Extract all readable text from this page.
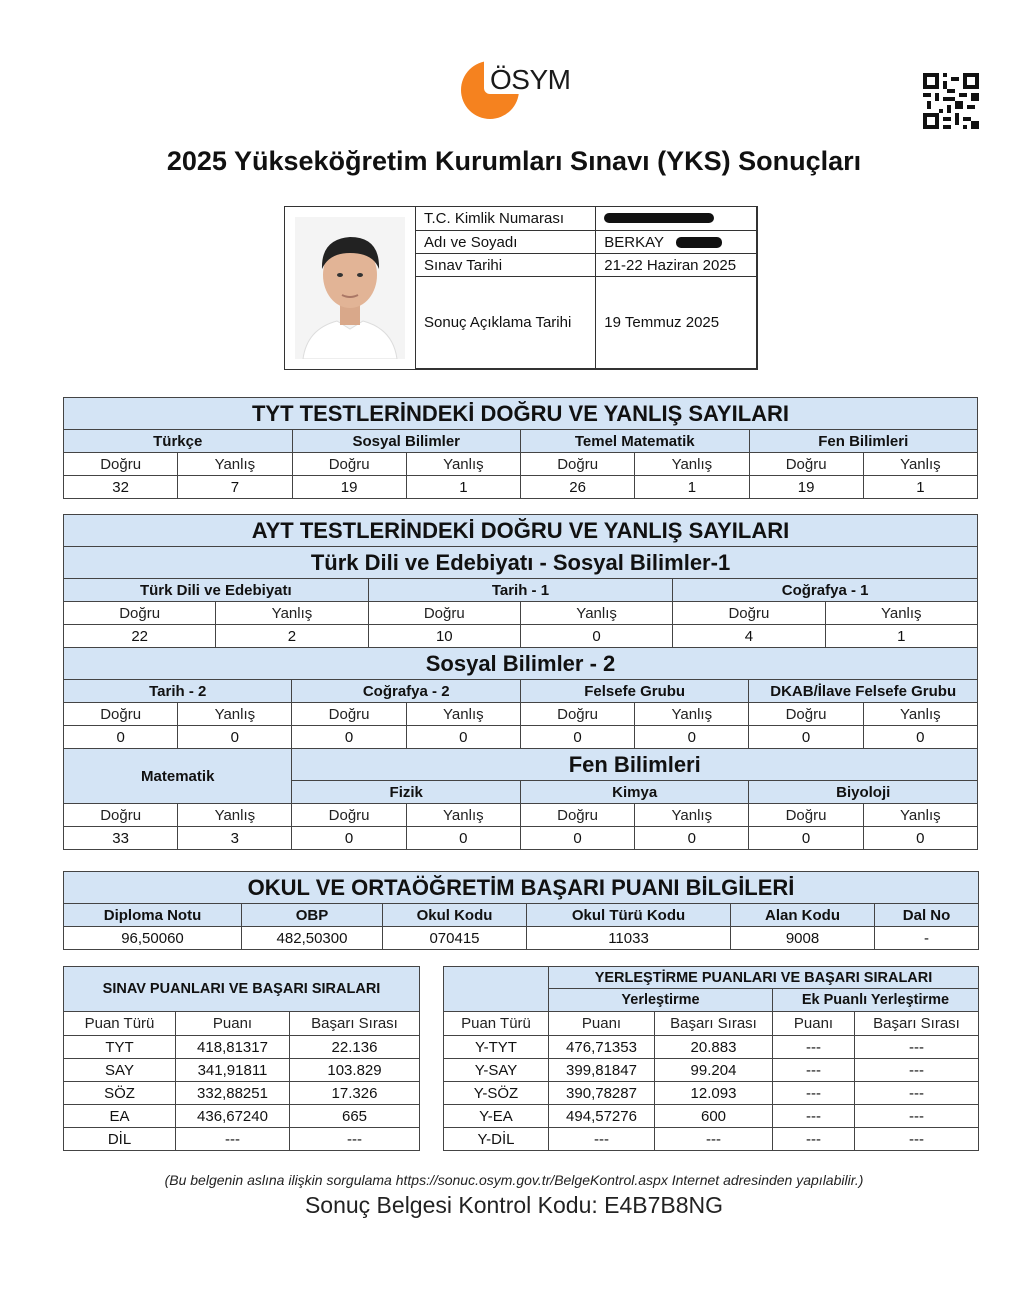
ÖSYM
2025 Yükseköğretim Kurumları Sınavı (YKS) Sonuçları
T.C. Kimlik Numarası	

Adı ve Soyadı	BERKAY

Sınav Tarihi	21-22 Haziran 2025
Sonuç Açıklama Tarihi	19 Temmuz 2025
TYT TESTLERİNDEKİ DOĞRU VE YANLIŞ SAYILARI							
Türkçe		Sosyal Bilimler		Temel Matematik		Fen Bilimleri	
Doğru	Yanlış	Doğru	Yanlış	Doğru	Yanlış	Doğru	Yanlış
32	7	19	1	26	1	19	1
AYT TESTLERİNDEKİ DOĞRU VE YANLIŞ SAYILARI											
Türk Dili ve Edebiyatı - Sosyal Bilimler-1											
Türk Dili ve Edebiyatı				Tarih - 1				Coğrafya - 1			
Doğru		Yanlış		Doğru		Yanlış		Doğru		Yanlış	
22		2		10		0		4		1	
Sosyal Bilimler - 2											
Tarih - 2			Coğrafya - 2			Felsefe Grubu			DKAB/İlave Felsefe Grubu		
Doğru	Yanlış		Doğru		Yanlış	Doğru	Yanlış		Doğru		Yanlış
0	0		0		0	0	0		0		0
Matematik			Fen Bilimleri								
			Fizik			Kimya			Biyoloji		
Doğru	Yanlış		Doğru		Yanlış	Doğru	Yanlış		Doğru		Yanlış
33	3		0		0	0	0		0		0
OKUL VE ORTAÖĞRETİM BAŞARI PUANI BİLGİLERİ					
Diploma Notu	OBP	Okul Kodu	Okul Türü Kodu	Alan Kodu	Dal No
96,50060	482,50300	070415	11033	9008	-
SINAV PUANLARI VE BAŞARI SIRALARI		
Puan Türü	Puanı	Başarı Sırası
TYT	418,81317	22.136
SAY	341,91811	103.829
SÖZ	332,88251	17.326
EA	436,67240	665
DİL	---	---
	YERLEŞTİRME PUANLARI VE BAŞARI SIRALARI			
	Yerleştirme		Ek Puanlı Yerleştirme	
Puan Türü	Puanı	Başarı Sırası	Puanı	Başarı Sırası
Y-TYT	476,71353	20.883	---	---
Y-SAY	399,81847	99.204	---	---
Y-SÖZ	390,78287	12.093	---	---
Y-EA	494,57276	600	---	---
Y-DİL	---	---	---	---
(Bu belgenin aslına ilişkin sorgulama https://sonuc.osym.gov.tr/BelgeKontrol.aspx Internet adresinden yapılabilir.)
Sonuç Belgesi Kontrol Kodu: E4B7B8NG
